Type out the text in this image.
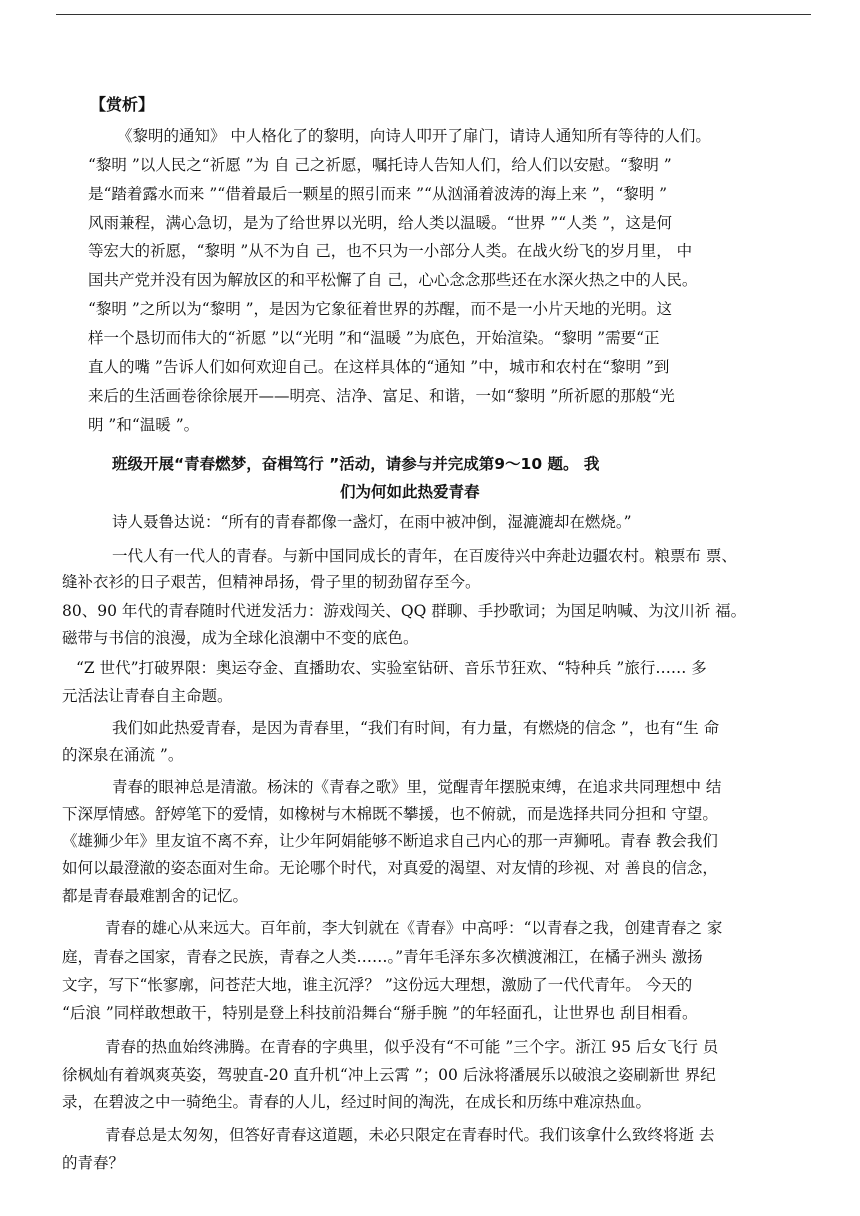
【赏析】
《黎明的通知》 中人格化了的黎明，向诗人叩开了扉门，请诗人通知所有等待的人们。
“黎明 ”以人民之“祈愿 ”为 自 己之祈愿，嘱托诗人告知人们，给人们以安慰。“黎明 ”
是“踏着露水而来 ”“借着最后一颗星的照引而来 ”“从汹涌着波涛的海上来 ”，“黎明 ”
风雨兼程，满心急切，是为了给世界以光明，给人类以温暖。“世界 ”“人类 ”，这是何
等宏大的祈愿，“黎明 ”从不为自 己，也不只为一小部分人类。在战火纷飞的岁月里， 中
国共产党并没有因为解放区的和平松懈了自 己，心心念念那些还在水深火热之中的人民。
“黎明 ”之所以为“黎明 ”，是因为它象征着世界的苏醒，而不是一小片天地的光明。这
样一个恳切而伟大的“祈愿 ”以“光明 ”和“温暖 ”为底色，开始渲染。“黎明 ”需要“正
直人的嘴 ”告诉人们如何欢迎自己。在这样具体的“通知 ”中，城市和农村在“黎明 ”到
来后的生活画卷徐徐展开——明亮、洁净、富足、和谐，一如“黎明 ”所祈愿的那般“光
明 ”和“温暖 ”。
班级开展“青春燃梦，奋楫笃行 ”活动，请参与并完成第9～10 题。 我
们为何如此热爱青春
诗人聂鲁达说：“所有的青春都像一盏灯，在雨中被冲倒，湿漉漉却在燃烧。”
一代人有一代人的青春。与新中国同成长的青年，在百废待兴中奔赴边疆农村。粮票布 票、
缝补衣衫的日子艰苦，但精神昂扬，骨子里的韧劲留存至今。
80、90 年代的青春随时代迸发活力：游戏闯关、QQ 群聊、手抄歌词；为国足呐喊、为汶川祈 福。
磁带与书信的浪漫，成为全球化浪潮中不变的底色。
“Z 世代”打破界限：奥运夺金、直播助农、实验室钻研、音乐节狂欢、“特种兵 ”旅行…… 多
元活法让青春自主命题。
我们如此热爱青春，是因为青春里，“我们有时间，有力量，有燃烧的信念 ”，也有“生 命
的深泉在涌流 ”。
青春的眼神总是清澈。杨沫的《青春之歌》里，觉醒青年摆脱束缚，在追求共同理想中 结
下深厚情感。舒婷笔下的爱情，如橡树与木棉既不攀援，也不俯就，而是选择共同分担和 守望。
《雄狮少年》里友谊不离不弃，让少年阿娟能够不断追求自己内心的那一声狮吼。青春 教会我们
如何以最澄澈的姿态面对生命。无论哪个时代，对真爱的渴望、对友情的珍视、对 善良的信念，
都是青春最难割舍的记忆。
青春的雄心从来远大。百年前，李大钊就在《青春》中高呼：“以青春之我，创建青春之 家
庭，青春之国家，青春之民族，青春之人类……。”青年毛泽东多次横渡湘江，在橘子洲头 激扬
文字，写下“怅寥廓，问苍茫大地，谁主沉浮？ ”这份远大理想，激励了一代代青年。 今天的
“后浪 ”同样敢想敢干，特别是登上科技前沿舞台“掰手腕 ”的年轻面孔，让世界也 刮目相看。
青春的热血始终沸腾。在青春的字典里，似乎没有“不可能 ”三个字。浙江 95 后女飞行 员
徐枫灿有着飒爽英姿，驾驶直-20 直升机“冲上云霄 ”；00 后泳将潘展乐以破浪之姿刷新世 界纪
录，在碧波之中一骑绝尘。青春的人儿，经过时间的淘洗，在成长和历练中难凉热血。
青春总是太匆匆，但答好青春这道题，未必只限定在青春时代。我们该拿什么致终将逝 去
的青春？
